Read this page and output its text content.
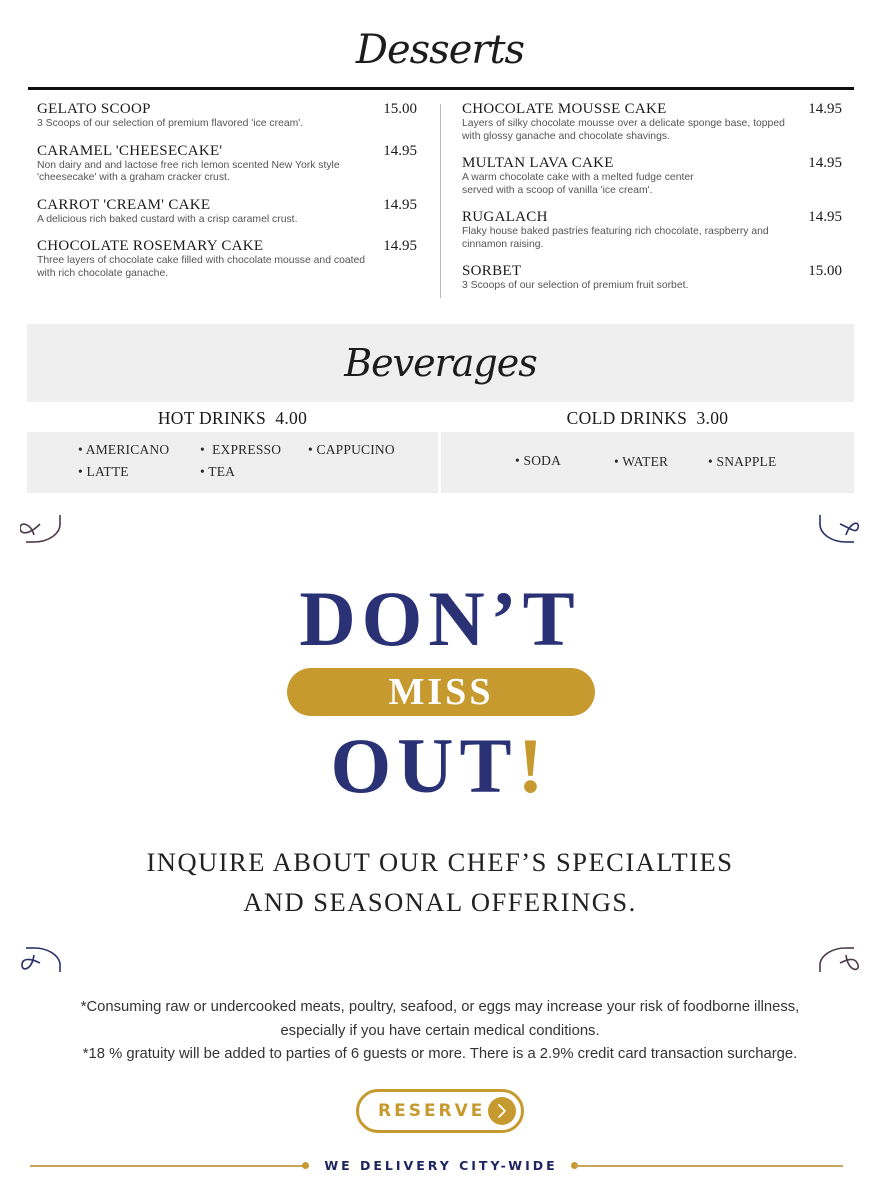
Desserts
GELATO SCOOP	15.00
3 Scoops of our selection of premium flavored 'ice cream'.
CARAMEL 'CHEESECAKE'	14.95
Non dairy and and lactose free rich lemon scented New York style 'cheesecake' with a graham cracker crust.
CARROT 'CREAM' CAKE	14.95
A delicious rich baked custard with a crisp caramel crust.
CHOCOLATE ROSEMARY CAKE	14.95
Three layers of chocolate cake filled with chocolate mousse and coated with rich chocolate ganache.
CHOCOLATE MOUSSE CAKE	14.95
Layers of silky chocolate mousse over a delicate sponge base, topped with glossy ganache and chocolate shavings.
MULTAN LAVA CAKE	14.95
A warm chocolate cake with a melted fudge center served with a scoop of vanilla 'ice cream'.
RUGALACH	14.95
Flaky house baked pastries featuring rich chocolate, raspberry and cinnamon raising.
SORBET	15.00
3 Scoops of our selection of premium fruit sorbet.
Beverages
HOT DRINKS  4.00	COLD DRINKS  3.00
• AMERICANO •  EXPRESSO • CAPPUCINO
• LATTE	• TEA
• SODA	• WATER	• SNAPPLE
DON’T
MISS
OUT!
INQUIRE ABOUT OUR CHEF’S SPECIALTIES
AND SEASONAL OFFERINGS.
*Consuming raw or undercooked meats, poultry, seafood, or eggs may increase your risk of foodborne illness,
especially if you have certain medical conditions.
*18 % gratuity will be added to parties of 6 guests or more. There is a 2.9% credit card transaction surcharge.
RESERVE
WE DELIVERY CITY-WIDE
